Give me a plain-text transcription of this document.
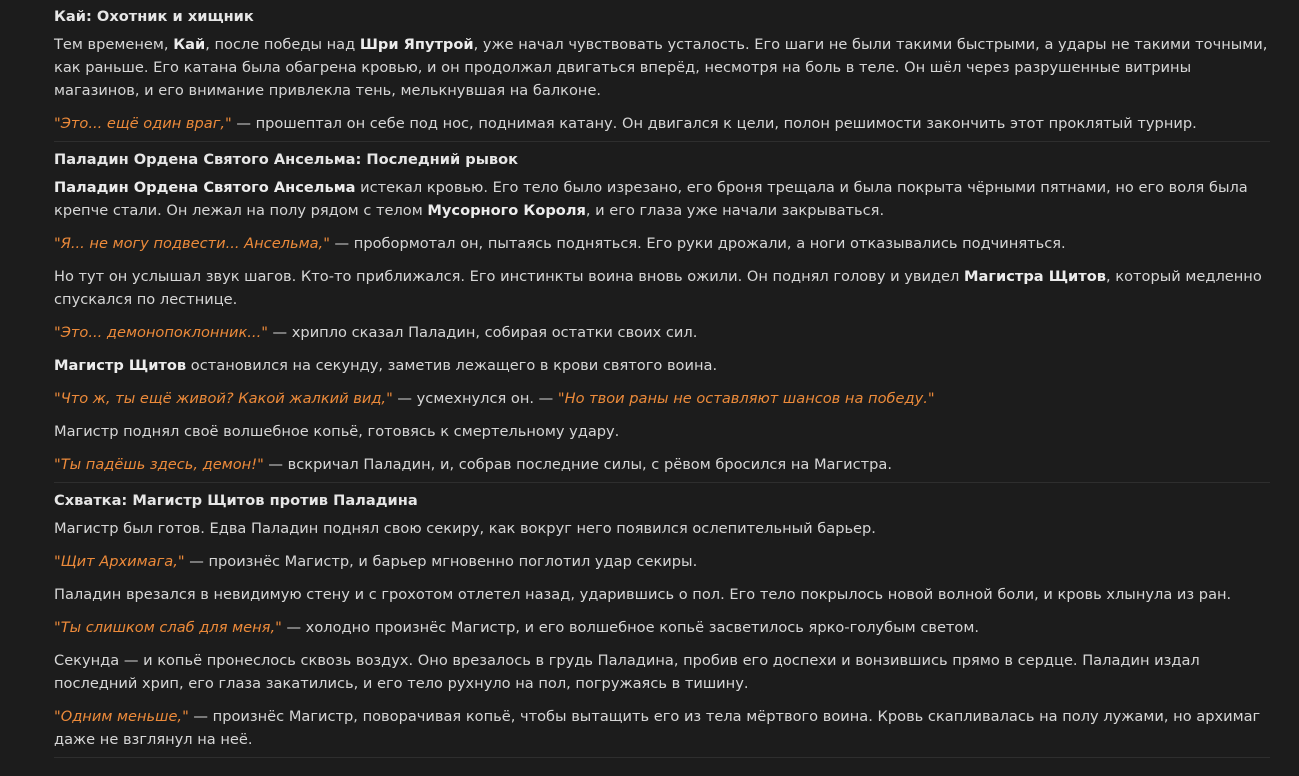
Кай: Охотник и хищник

Тем временем, Кай, после победы над Шри Япутрой, уже начал чувствовать усталость. Его шаги не были такими быстрыми, а удары не такими точными, как раньше. Его катана была обагрена кровью, и он продолжал двигаться вперёд, несмотря на боль в теле. Он шёл через разрушенные витрины магазинов, и его внимание привлекла тень, мелькнувшая на балконе.

"Это... ещё один враг," — прошептал он себе под нос, поднимая катану. Он двигался к цели, полон решимости закончить этот проклятый турнир.

Паладин Ордена Святого Ансельма: Последний рывок

Паладин Ордена Святого Ансельма истекал кровью. Его тело было изрезано, его броня трещала и была покрыта чёрными пятнами, но его воля была крепче стали. Он лежал на полу рядом с телом Мусорного Короля, и его глаза уже начали закрываться.

"Я... не могу подвести... Ансельма," — пробормотал он, пытаясь подняться. Его руки дрожали, а ноги отказывались подчиняться.

Но тут он услышал звук шагов. Кто-то приближался. Его инстинкты воина вновь ожили. Он поднял голову и увидел Магистра Щитов, который медленно спускался по лестнице.

"Это... демонопоклонник..." — хрипло сказал Паладин, собирая остатки своих сил.

Магистр Щитов остановился на секунду, заметив лежащего в крови святого воина.

"Что ж, ты ещё живой? Какой жалкий вид," — усмехнулся он. — "Но твои раны не оставляют шансов на победу."

Магистр поднял своё волшебное копьё, готовясь к смертельному удару.

"Ты падёшь здесь, демон!" — вскричал Паладин, и, собрав последние силы, с рёвом бросился на Магистра.

Схватка: Магистр Щитов против Паладина

Магистр был готов. Едва Паладин поднял свою секиру, как вокруг него появился ослепительный барьер.

"Щит Архимага," — произнёс Магистр, и барьер мгновенно поглотил удар секиры.

Паладин врезался в невидимую стену и с грохотом отлетел назад, ударившись о пол. Его тело покрылось новой волной боли, и кровь хлынула из ран.

"Ты слишком слаб для меня," — холодно произнёс Магистр, и его волшебное копьё засветилось ярко-голубым светом.

Секунда — и копьё пронеслось сквозь воздух. Оно врезалось в грудь Паладина, пробив его доспехи и вонзившись прямо в сердце. Паладин издал последний хрип, его глаза закатились, и его тело рухнуло на пол, погружаясь в тишину.

"Одним меньше," — произнёс Магистр, поворачивая копьё, чтобы вытащить его из тела мёртвого воина. Кровь скапливалась на полу лужами, но архимаг даже не взглянул на неё.
